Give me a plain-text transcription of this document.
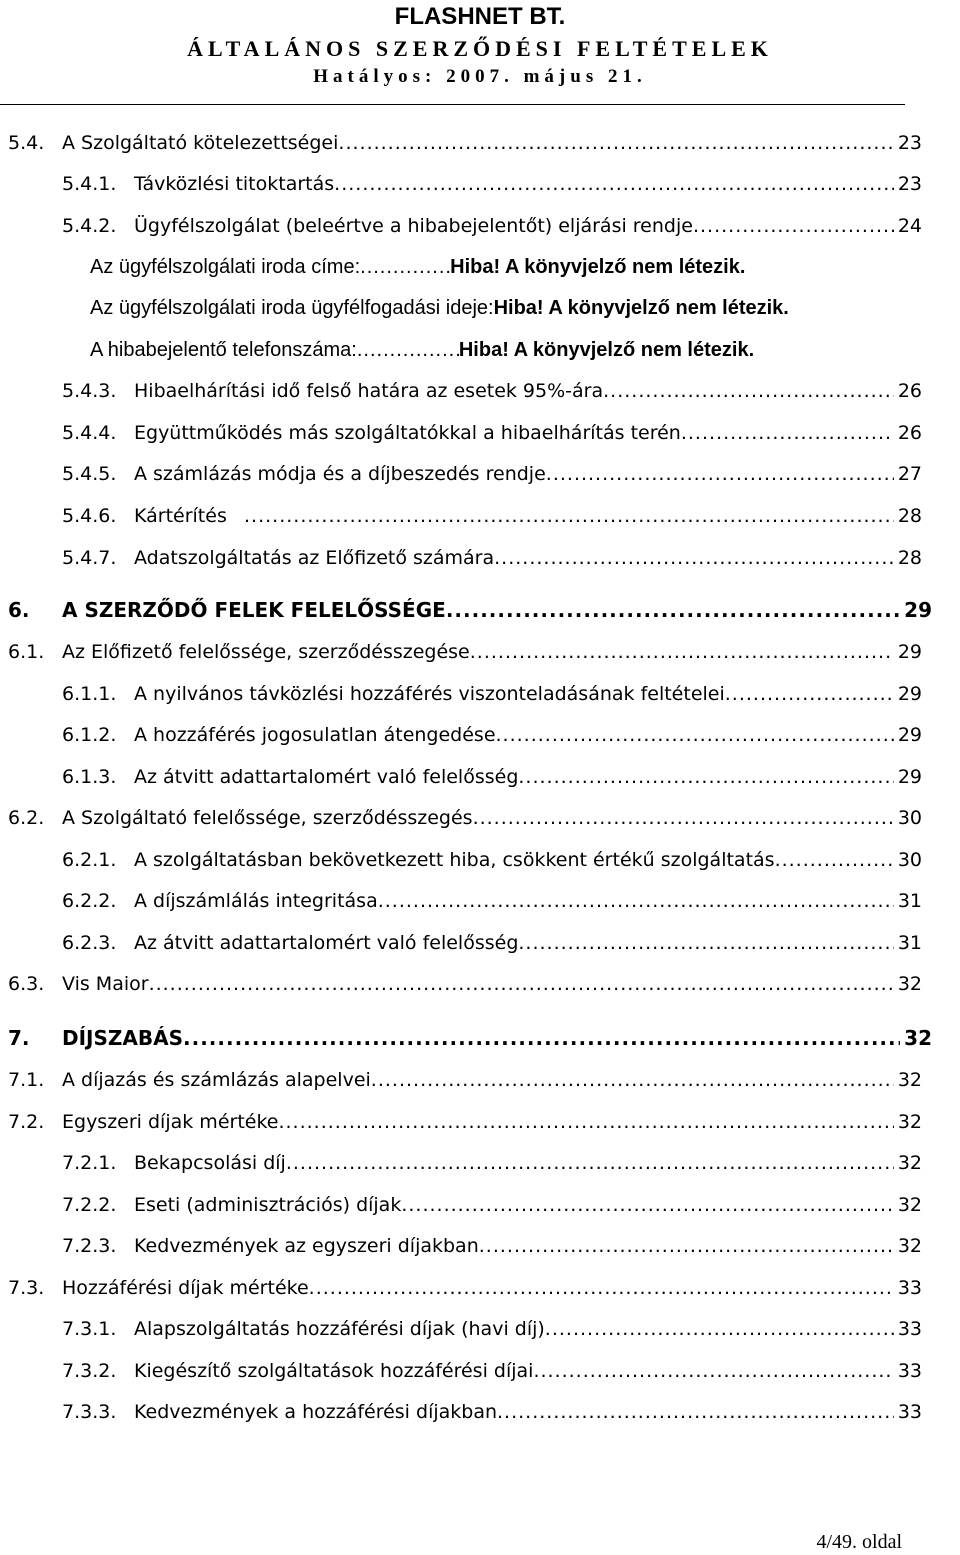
FLASHNET BT.
ÁLTALÁNOS SZERZŐDÉSI FELTÉTELEK
Hatályos: 2007. május 21.
5.4. A Szolgáltató kötelezettségei .....	23
5.4.1. Távközlési titoktartás .....	23
5.4.2. Ügyfélszolgálat (beleértve a hibabejelentőt) eljárási rendje .....	24
Az ügyfélszolgálati iroda címe: .....	Hiba! A könyvjelző nem létezik.
Az ügyfélszolgálati iroda ügyfélfogadási ideje: Hiba! A könyvjelző nem létezik.
A hibabejelentő telefonszáma: .....	Hiba! A könyvjelző nem létezik.
5.4.3. Hibaelhárítási idő felső határa az esetek 95%-ára .....	26
5.4.4. Együttműködés más szolgáltatókkal a hibaelhárítás terén .....	26
5.4.5. A számlázás módja és a díjbeszedés rendje .....	27
5.4.6. Kártérítés .....	28
5.4.7. Adatszolgáltatás az Előfizető számára .....	28
6.	A SZERZŐDŐ FELEK FELELŐSSÉGE .....	29
6.1. Az Előfizető felelőssége, szerződésszegése .....	29
6.1.1. A nyilvános távközlési hozzáférés viszonteladásának feltételei .....	29
6.1.2. A hozzáférés jogosulatlan átengedése .....	29
6.1.3. Az átvitt adattartalomért való felelősség .....	29
6.2. A Szolgáltató felelőssége, szerződésszegés .....	30
6.2.1. A szolgáltatásban bekövetkezett hiba, csökkent értékű szolgáltatás .....	30
6.2.2. A díjszámlálás integritása .....	31
6.2.3. Az átvitt adattartalomért való felelősség .....	31
6.3. Vis Maior .....	32
7.	DÍJSZABÁS .....	32
7.1. A díjazás és számlázás alapelvei .....	32
7.2. Egyszeri díjak mértéke .....	32
7.2.1. Bekapcsolási díj .....	32
7.2.2. Eseti (adminisztrációs) díjak .....	32
7.2.3. Kedvezmények az egyszeri díjakban .....	32
7.3. Hozzáférési díjak mértéke .....	33
7.3.1. Alapszolgáltatás hozzáférési díjak (havi díj) .....	33
7.3.2. Kiegészítő szolgáltatások hozzáférési díjai .....	33
7.3.3. Kedvezmények a hozzáférési díjakban .....	33
4/49. oldal
